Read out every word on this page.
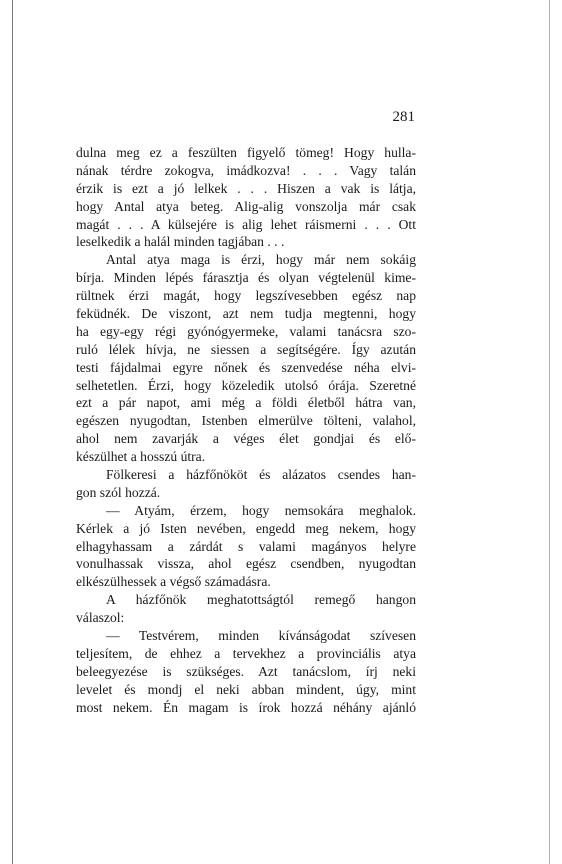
281
dulna meg ez a feszülten figyelő tömeg! Hogy hulla-
nának térdre zokogva, imádkozva! . . . Vagy talán
érzik is ezt a jó lelkek . . . Hiszen a vak is látja,
hogy Antal atya beteg. Alig-alig vonszolja már csak
magát . . . A külsejére is alig lehet ráismerni . . . Ott
leselkedik a halál minden tagjában . . .
Antal atya maga is érzi, hogy már nem sokáig
bírja. Minden lépés fárasztja és olyan végtelenül kime-
rültnek érzi magát, hogy legszívesebben egész nap
feküdnék. De viszont, azt nem tudja megtenni, hogy
ha egy-egy régi gyónógyermeke, valami tanácsra szo-
ruló lélek hívja, ne siessen a segítségére. Így azután
testi fájdalmai egyre nőnek és szenvedése néha elvi-
selhetetlen. Érzi, hogy közeledik utolsó órája. Szeretné
ezt a pár napot, ami még a földi életből hátra van,
egészen nyugodtan, Istenben elmerülve tölteni, valahol,
ahol nem zavarják a véges élet gondjai és elő-
készülhet a hosszú útra.
Fölkeresi a házfőnököt és alázatos csendes han-
gon szól hozzá.
— Atyám, érzem, hogy nemsokára meghalok.
Kérlek a jó Isten nevében, engedd meg nekem, hogy
elhagyhassam a zárdát s valami magányos helyre
vonulhassak vissza, ahol egész csendben, nyugodtan
elkészülhessek a végső számadásra.
A házfőnök meghatottságtól remegő hangon
válaszol:
— Testvérem, minden kívánságodat szívesen
teljesítem, de ehhez a tervekhez a provinciális atya
beleegyezése is szükséges. Azt tanácslom, írj neki
levelet és mondj el neki abban mindent, úgy, mint
most nekem. Én magam is írok hozzá néhány ajánló
